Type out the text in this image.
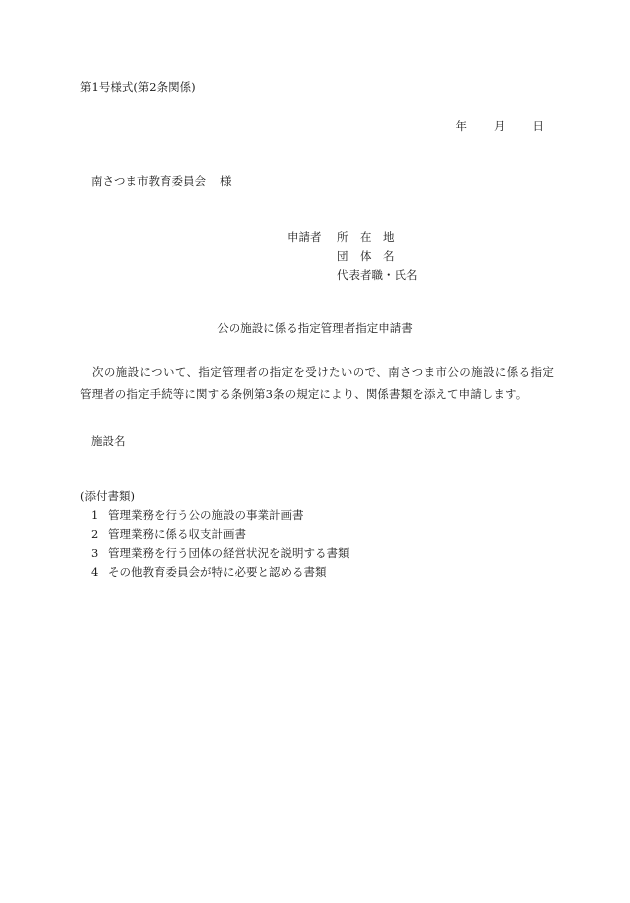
第1号様式(第2条関係)
年 月 日
南さつま市教育委員会 様
申請者 所　在　地
団　体　名
代表者職・氏名
公の施設に係る指定管理者指定申請書

次の施設について、指定管理者の指定を受けたいので、南さつま市公の施設に係る指定管理者の指定手続等に関する条例第3条の規定により、関係書類を添えて申請します。

施設名
(添付書類)
1 管理業務を行う公の施設の事業計画書
2 管理業務に係る収支計画書
3 管理業務を行う団体の経営状況を説明する書類
4 その他教育委員会が特に必要と認める書類
